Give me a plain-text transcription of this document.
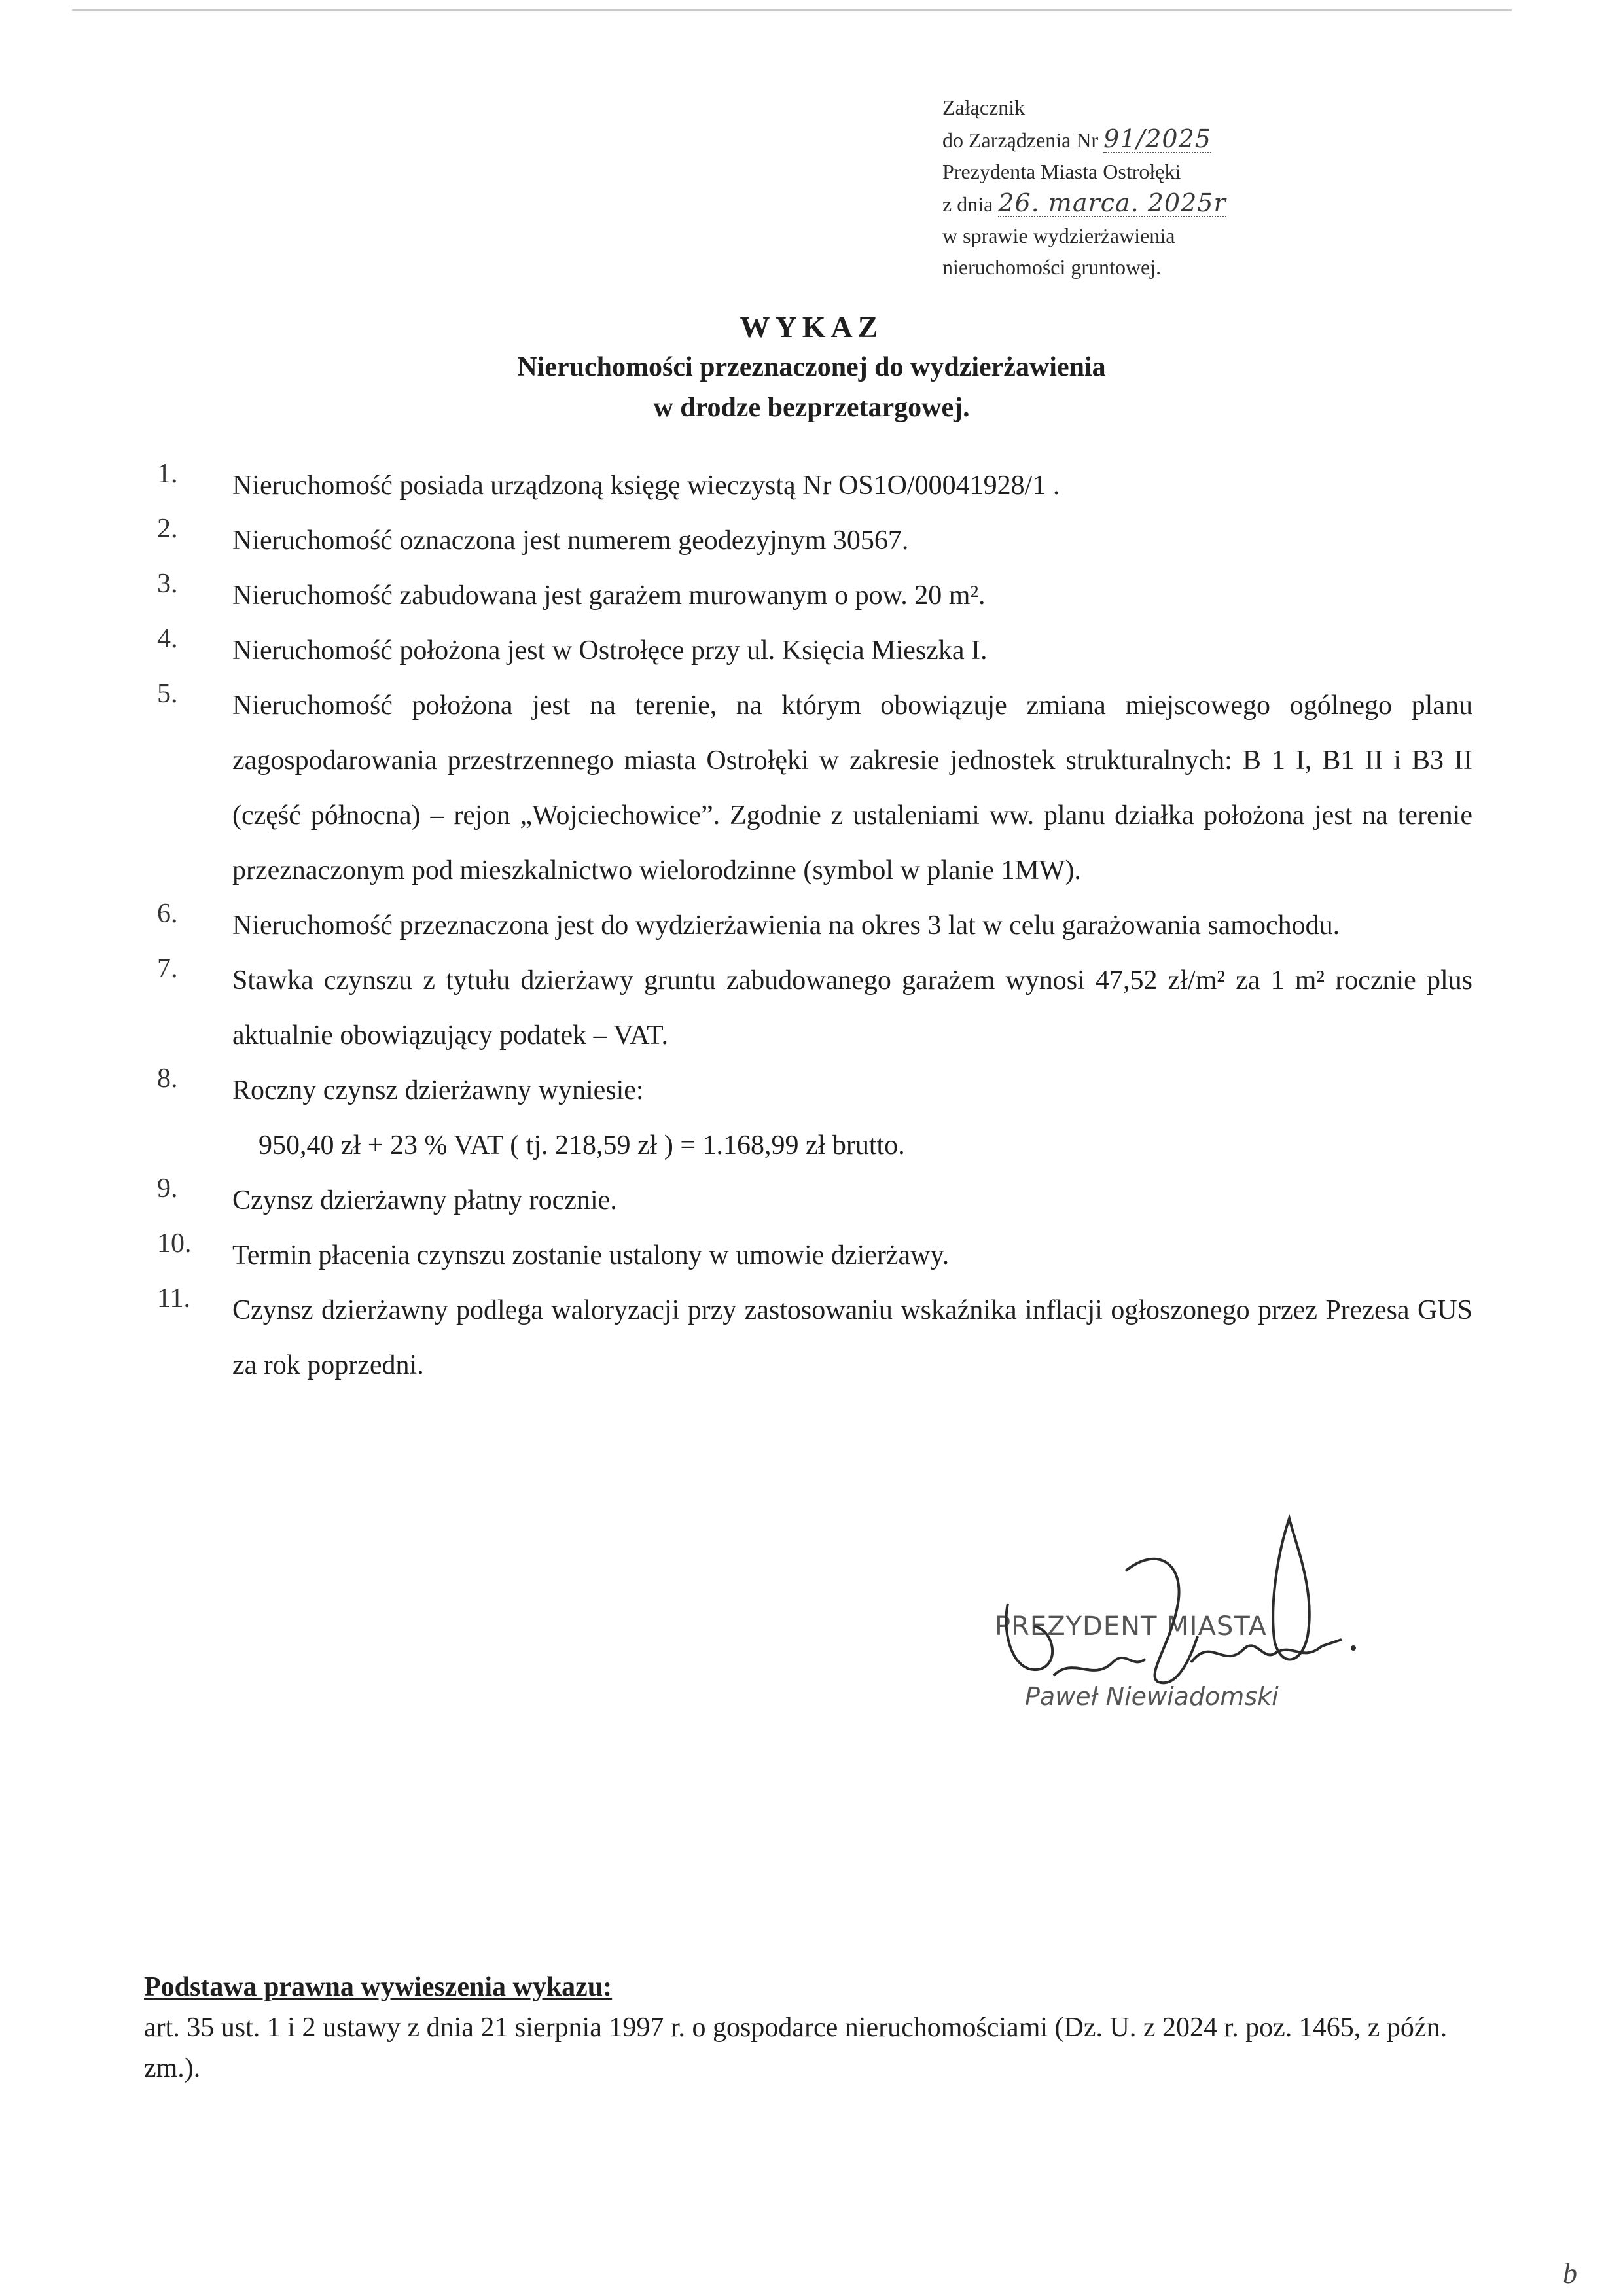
Załącznik
do Zarządzenia Nr 91/2025
Prezydenta Miasta Ostrołęki
z dnia 26. marca. 2025r
w sprawie wydzierżawienia
nieruchomości gruntowej.
WYKAZ
Nieruchomości przeznaczonej do wydzierżawienia
w drodze bezprzetargowej.
1. Nieruchomość posiada urządzoną księgę wieczystą Nr OS1O/00041928/1 .
2. Nieruchomość oznaczona jest numerem geodezyjnym 30567.
3. Nieruchomość zabudowana jest garażem murowanym o pow. 20 m².
4. Nieruchomość położona jest w Ostrołęce przy ul. Księcia Mieszka I.
5. Nieruchomość położona jest na terenie, na którym obowiązuje zmiana miejscowego ogólnego planu zagospodarowania przestrzennego miasta Ostrołęki w zakresie jednostek strukturalnych: B 1 I, B1 II i B3 II (część północna) – rejon „Wojciechowice”. Zgodnie z ustaleniami ww. planu działka położona jest na terenie przeznaczonym pod mieszkalnictwo wielorodzinne (symbol w planie 1MW).
6. Nieruchomość przeznaczona jest do wydzierżawienia na okres 3 lat w celu garażowania samochodu.
7. Stawka czynszu z tytułu dzierżawy gruntu zabudowanego garażem wynosi 47,52 zł/m² za 1 m² rocznie plus aktualnie obowiązujący podatek – VAT.
8. Roczny czynsz dzierżawny wyniesie:
950,40 zł + 23 % VAT ( tj. 218,59 zł ) = 1.168,99 zł brutto.
9. Czynsz dzierżawny płatny rocznie.
10. Termin płacenia czynszu zostanie ustalony w umowie dzierżawy.
11. Czynsz dzierżawny podlega waloryzacji przy zastosowaniu wskaźnika inflacji ogłoszonego przez Prezesa GUS za rok poprzedni.
PREZYDENT MIASTA
Paweł Niewiadomski
Podstawa prawna wywieszenia wykazu:
art. 35 ust. 1 i 2 ustawy z dnia 21 sierpnia 1997 r. o gospodarce nieruchomościami (Dz. U. z 2024 r. poz. 1465, z późn. zm.).
b
